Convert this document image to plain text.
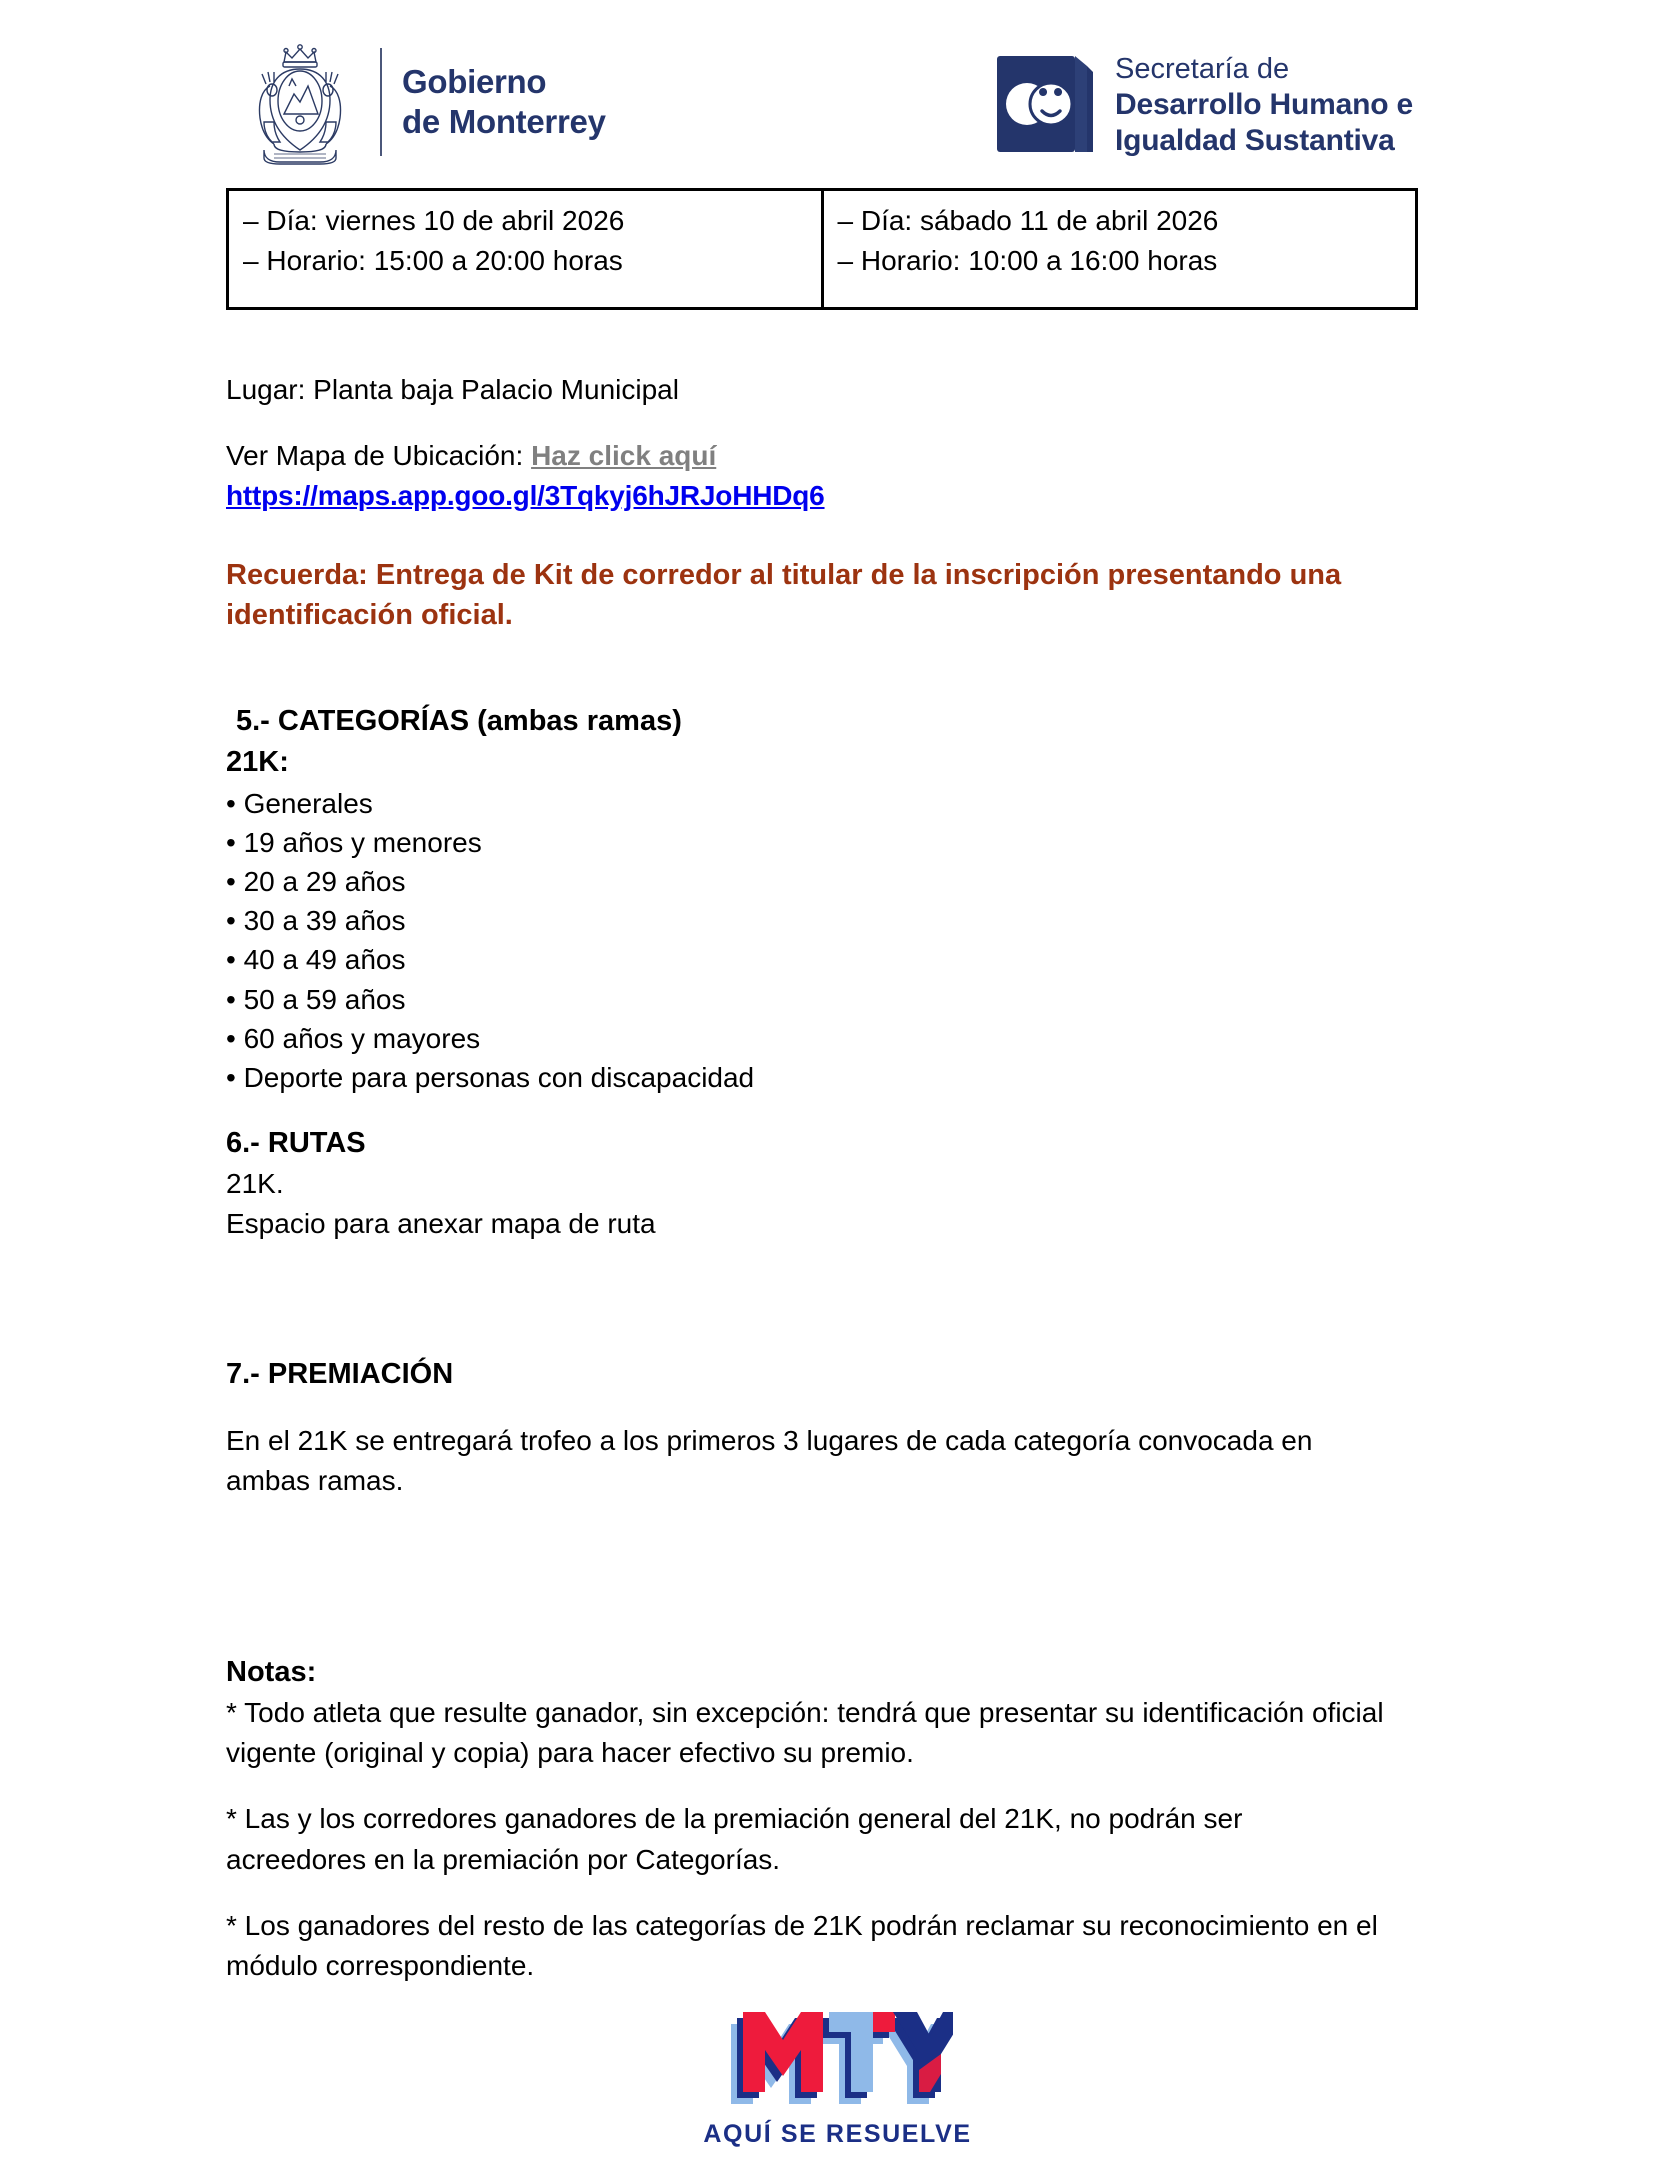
Gobierno
de Monterrey
Secretaría de
Desarrollo Humano e
Igualdad Sustantiva
– Día: viernes 10 de abril 2026
– Horario: 15:00 a 20:00 horas

– Día: sábado 11 de abril 2026
– Horario: 10:00 a 16:00 horas

Lugar: Planta baja Palacio Municipal

Ver Mapa de Ubicación: Haz click aquí

https://maps.app.goo.gl/3Tqkyj6hJRJoHHDq6

Recuerda: Entrega de Kit de corredor al titular de la inscripción presentando una identificación oficial.

5.- CATEGORÍAS (ambas ramas)

21K:

• Generales

• 19 años y menores

• 20 a 29 años

• 30 a 39 años

• 40 a 49 años

• 50 a 59 años

• 60 años y mayores

• Deporte para personas con discapacidad

6.- RUTAS

21K.

Espacio para anexar mapa de ruta

7.- PREMIACIÓN

En el 21K se entregará trofeo a los primeros 3 lugares de cada categoría convocada en ambas ramas.

Notas:

* Todo atleta que resulte ganador, sin excepción: tendrá que presentar su identificación oficial vigente (original y copia) para hacer efectivo su premio.

* Las y los corredores ganadores de la premiación general del 21K, no podrán ser acreedores en la premiación por Categorías.

* Los ganadores del resto de las categorías de 21K podrán reclamar su reconocimiento en el módulo correspondiente.

AQUÍ SE RESUELVE
